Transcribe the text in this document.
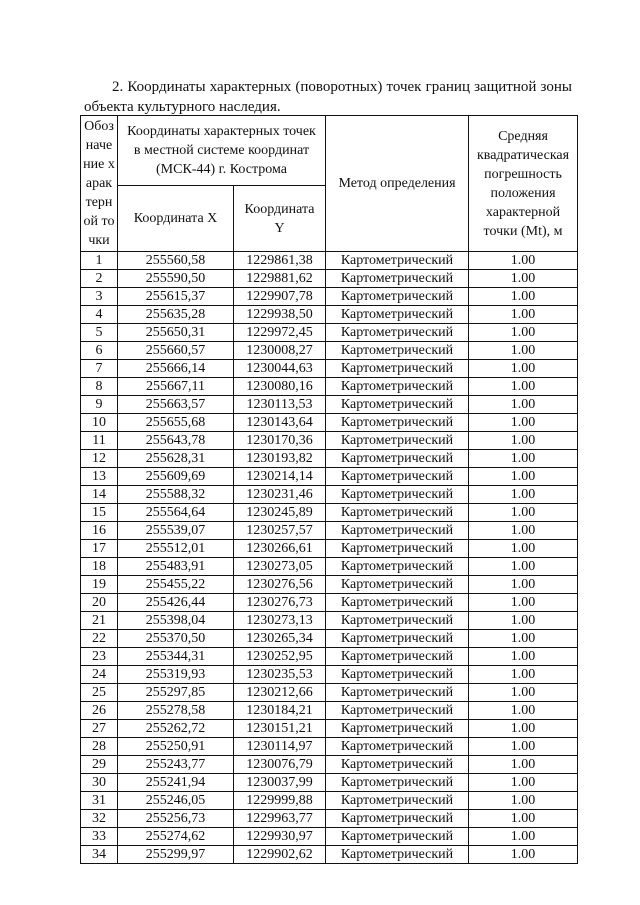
2. Координаты характерных (поворотных) точек границ защитной зоны объекта культурного наследия.

Обозначение характерной точки	Координаты характерных точек в местной системе координат (МСК-44) г. Кострома		Метод определения	Средняя квадратическая погрешность положения характерной точки (Mt), м
	Координата X	Координата Y		
1	255560,58	1229861,38	Картометрический	1.00
2	255590,50	1229881,62	Картометрический	1.00
3	255615,37	1229907,78	Картометрический	1.00
4	255635,28	1229938,50	Картометрический	1.00
5	255650,31	1229972,45	Картометрический	1.00
6	255660,57	1230008,27	Картометрический	1.00
7	255666,14	1230044,63	Картометрический	1.00
8	255667,11	1230080,16	Картометрический	1.00
9	255663,57	1230113,53	Картометрический	1.00
10	255655,68	1230143,64	Картометрический	1.00
11	255643,78	1230170,36	Картометрический	1.00
12	255628,31	1230193,82	Картометрический	1.00
13	255609,69	1230214,14	Картометрический	1.00
14	255588,32	1230231,46	Картометрический	1.00
15	255564,64	1230245,89	Картометрический	1.00
16	255539,07	1230257,57	Картометрический	1.00
17	255512,01	1230266,61	Картометрический	1.00
18	255483,91	1230273,05	Картометрический	1.00
19	255455,22	1230276,56	Картометрический	1.00
20	255426,44	1230276,73	Картометрический	1.00
21	255398,04	1230273,13	Картометрический	1.00
22	255370,50	1230265,34	Картометрический	1.00
23	255344,31	1230252,95	Картометрический	1.00
24	255319,93	1230235,53	Картометрический	1.00
25	255297,85	1230212,66	Картометрический	1.00
26	255278,58	1230184,21	Картометрический	1.00
27	255262,72	1230151,21	Картометрический	1.00
28	255250,91	1230114,97	Картометрический	1.00
29	255243,77	1230076,79	Картометрический	1.00
30	255241,94	1230037,99	Картометрический	1.00
31	255246,05	1229999,88	Картометрический	1.00
32	255256,73	1229963,77	Картометрический	1.00
33	255274,62	1229930,97	Картометрический	1.00
34	255299,97	1229902,62	Картометрический	1.00
